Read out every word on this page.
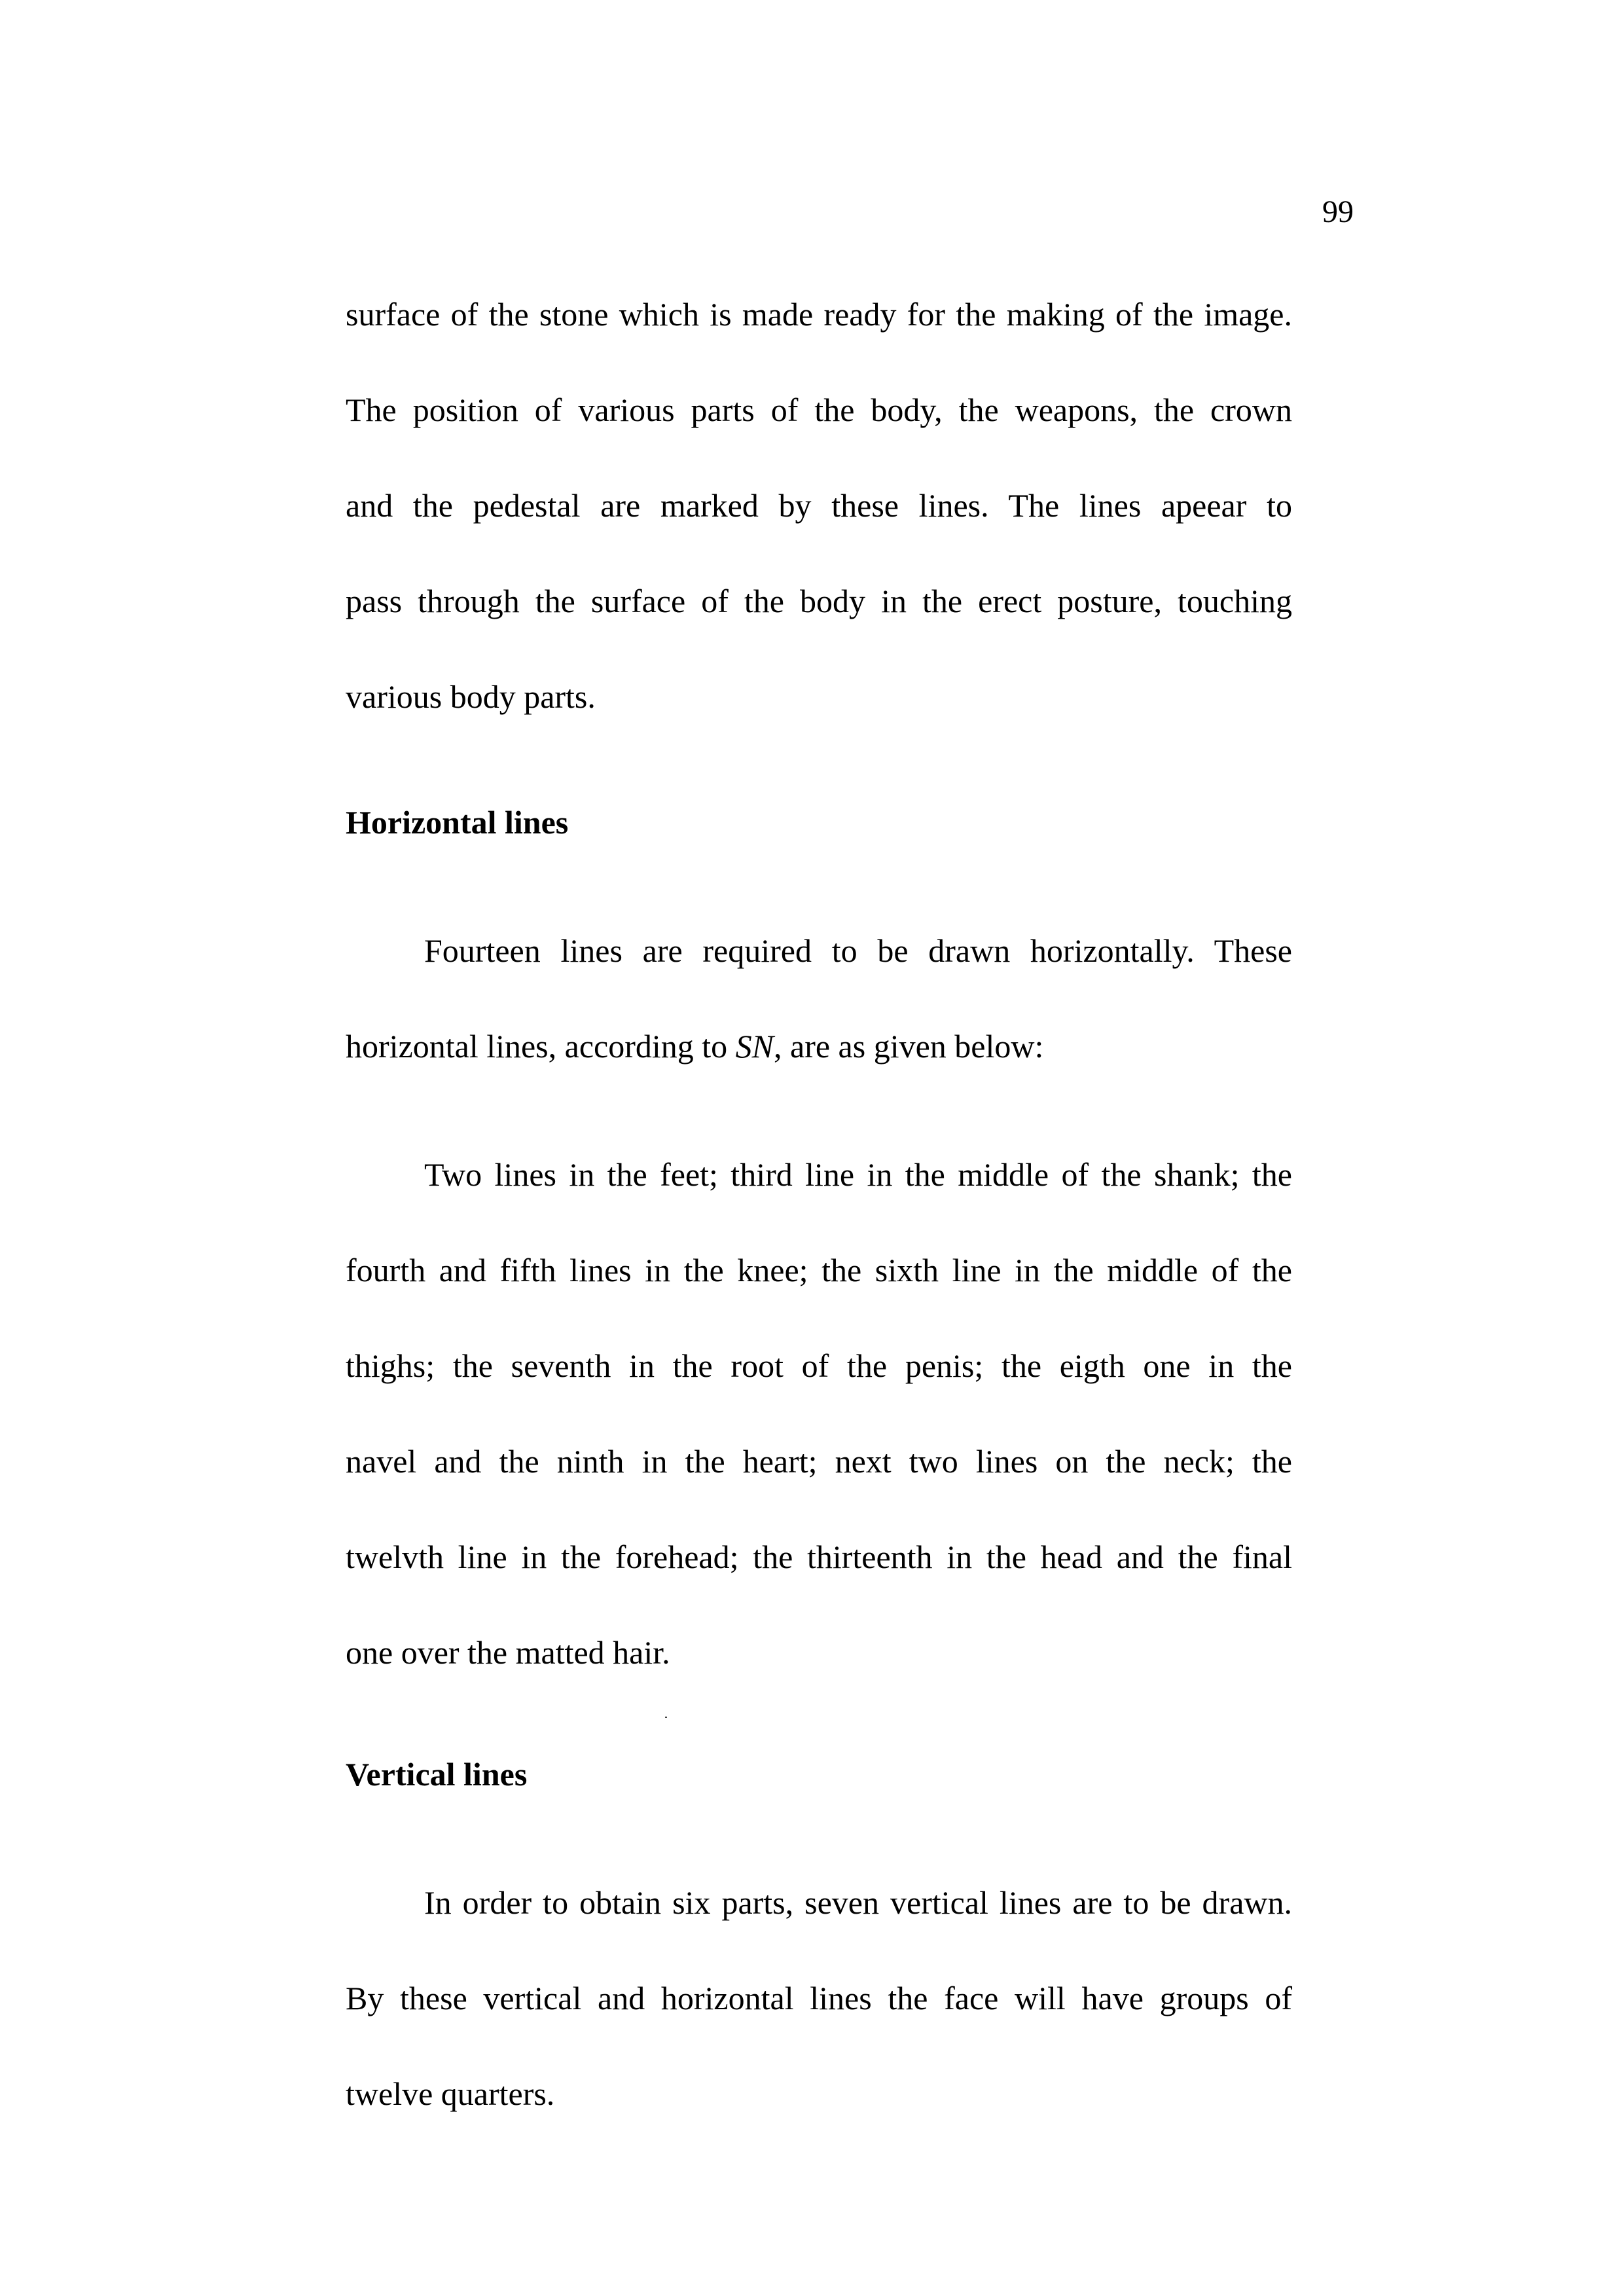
99
surface of the stone which is made ready for the making of the image.
The position of various parts of the body, the weapons, the crown
and the pedestal are marked by these lines. The lines apeear to
pass through the surface of the body in the erect posture, touching
various body parts.
Horizontal lines
Fourteen lines are required to be drawn horizontally. These
horizontal lines, according to SN, are as given below:
Two lines in the feet; third line in the middle of the shank; the
fourth and fifth lines in the knee; the sixth line in the middle of the
thighs; the seventh in the root of the penis; the eigth one in the
navel and the ninth in the heart; next two lines on the neck; the
twelvth line in the forehead; the thirteenth in the head and the final
one over the matted hair.
Vertical lines
In order to obtain six parts, seven vertical lines are to be drawn.
By these vertical and horizontal lines the face will have groups of
twelve quarters.
